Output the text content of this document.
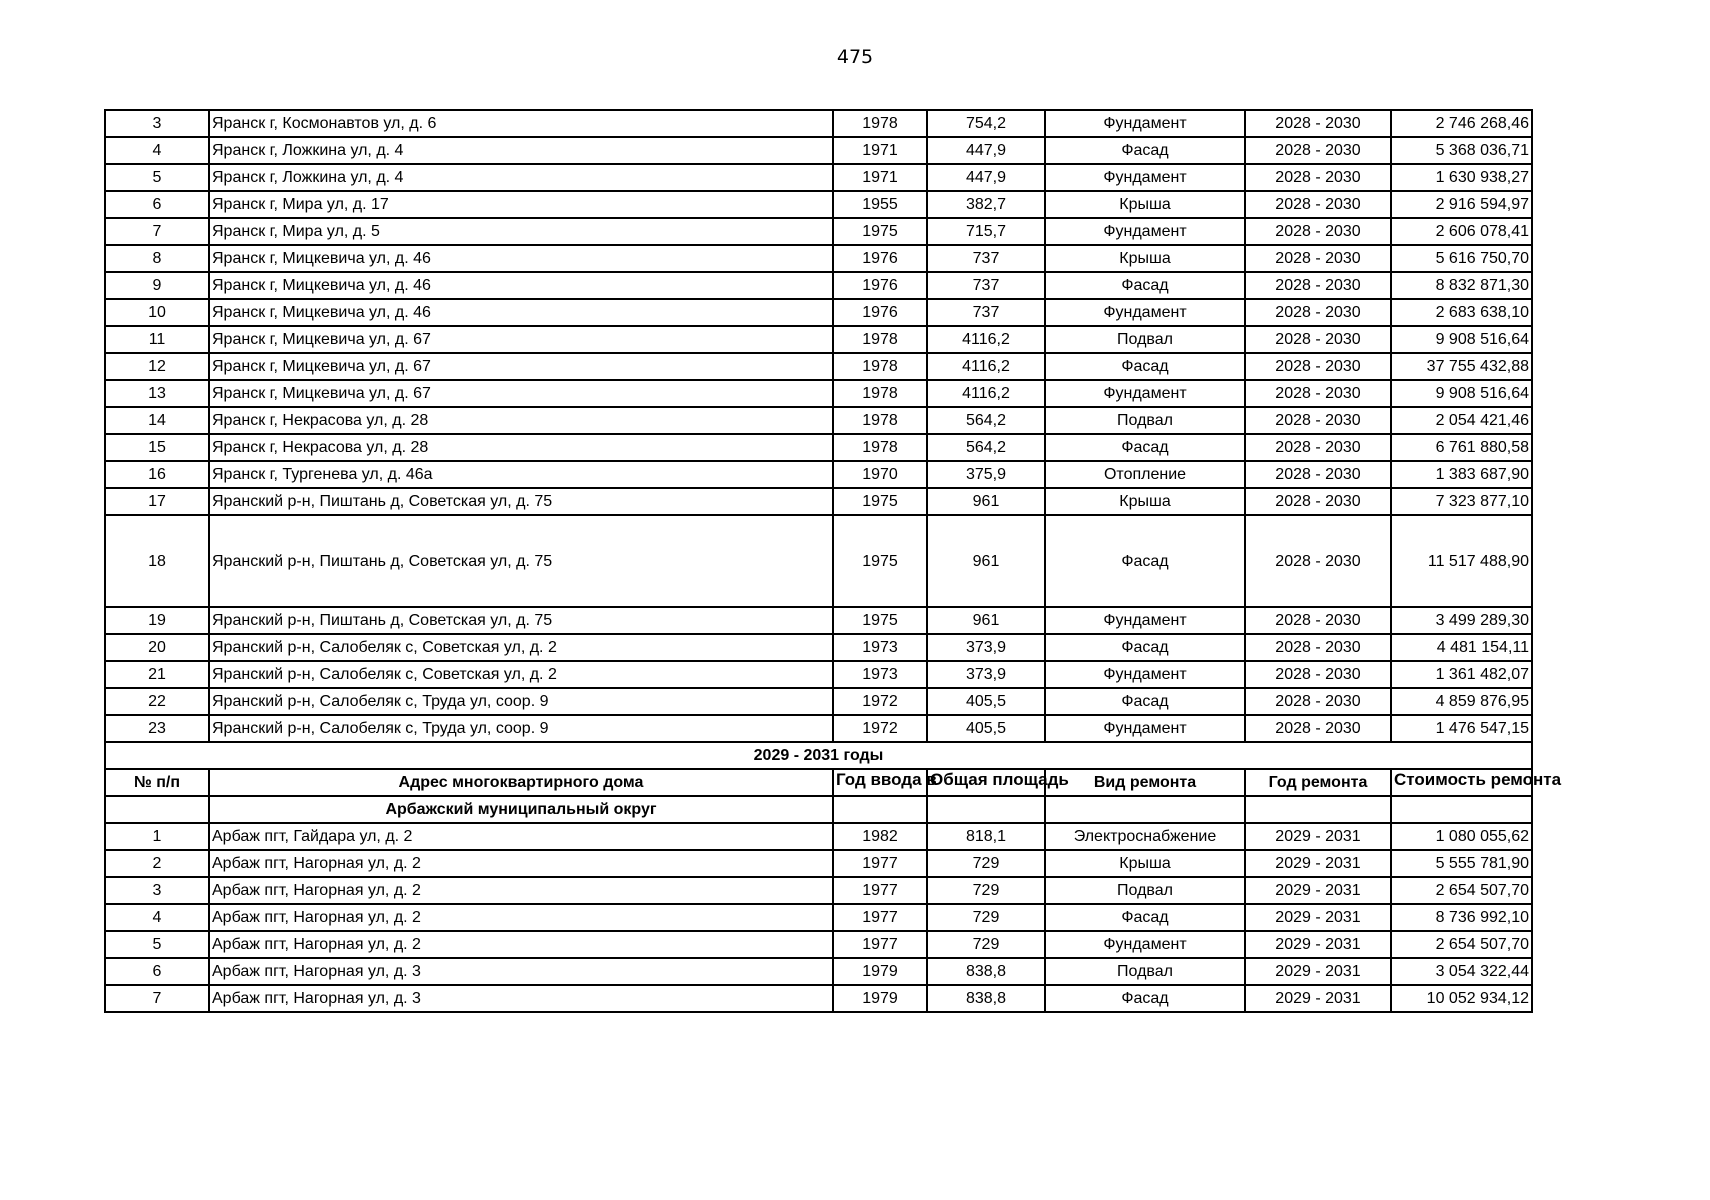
475
3	Яранск г, Космонавтов ул, д. 6	1978	754,2	Фундамент	2028 - 2030	2 746 268,46
4	Яранск г, Ложкина ул, д. 4	1971	447,9	Фасад	2028 - 2030	5 368 036,71
5	Яранск г, Ложкина ул, д. 4	1971	447,9	Фундамент	2028 - 2030	1 630 938,27
6	Яранск г, Мира ул, д. 17	1955	382,7	Крыша	2028 - 2030	2 916 594,97
7	Яранск г, Мира ул, д. 5	1975	715,7	Фундамент	2028 - 2030	2 606 078,41
8	Яранск г, Мицкевича ул, д. 46	1976	737	Крыша	2028 - 2030	5 616 750,70
9	Яранск г, Мицкевича ул, д. 46	1976	737	Фасад	2028 - 2030	8 832 871,30
10	Яранск г, Мицкевича ул, д. 46	1976	737	Фундамент	2028 - 2030	2 683 638,10
11	Яранск г, Мицкевича ул, д. 67	1978	4116,2	Подвал	2028 - 2030	9 908 516,64
12	Яранск г, Мицкевича ул, д. 67	1978	4116,2	Фасад	2028 - 2030	37 755 432,88
13	Яранск г, Мицкевича ул, д. 67	1978	4116,2	Фундамент	2028 - 2030	9 908 516,64
14	Яранск г, Некрасова ул, д. 28	1978	564,2	Подвал	2028 - 2030	2 054 421,46
15	Яранск г, Некрасова ул, д. 28	1978	564,2	Фасад	2028 - 2030	6 761 880,58
16	Яранск г, Тургенева ул, д. 46а	1970	375,9	Отопление	2028 - 2030	1 383 687,90
17	Яранский р-н, Пиштань д, Советская ул, д. 75	1975	961	Крыша	2028 - 2030	7 323 877,10
18	Яранский р-н, Пиштань д, Советская ул, д. 75	1975	961	Фасад	2028 - 2030	11 517 488,90
19	Яранский р-н, Пиштань д, Советская ул, д. 75	1975	961	Фундамент	2028 - 2030	3 499 289,30
20	Яранский р-н, Салобеляк с, Советская ул, д. 2	1973	373,9	Фасад	2028 - 2030	4 481 154,11
21	Яранский р-н, Салобеляк с, Советская ул, д. 2	1973	373,9	Фундамент	2028 - 2030	1 361 482,07
22	Яранский р-н, Салобеляк с, Труда ул, соор. 9	1972	405,5	Фасад	2028 - 2030	4 859 876,95
23	Яранский р-н, Салобеляк с, Труда ул, соор. 9	1972	405,5	Фундамент	2028 - 2030	1 476 547,15
2029 - 2031 годы						
№ п/п	Адрес многоквартирного дома	Год ввода в	Общая площадь	Вид ремонта	Год ремонта	Стоимость ремонта

	Арбажский муниципальный округ					
1	Арбаж пгт, Гайдара ул, д. 2	1982	818,1	Электроснабжение	2029 - 2031	1 080 055,62
2	Арбаж пгт, Нагорная ул, д. 2	1977	729	Крыша	2029 - 2031	5 555 781,90
3	Арбаж пгт, Нагорная ул, д. 2	1977	729	Подвал	2029 - 2031	2 654 507,70
4	Арбаж пгт, Нагорная ул, д. 2	1977	729	Фасад	2029 - 2031	8 736 992,10
5	Арбаж пгт, Нагорная ул, д. 2	1977	729	Фундамент	2029 - 2031	2 654 507,70
6	Арбаж пгт, Нагорная ул, д. 3	1979	838,8	Подвал	2029 - 2031	3 054 322,44
7	Арбаж пгт, Нагорная ул, д. 3	1979	838,8	Фасад	2029 - 2031	10 052 934,12
